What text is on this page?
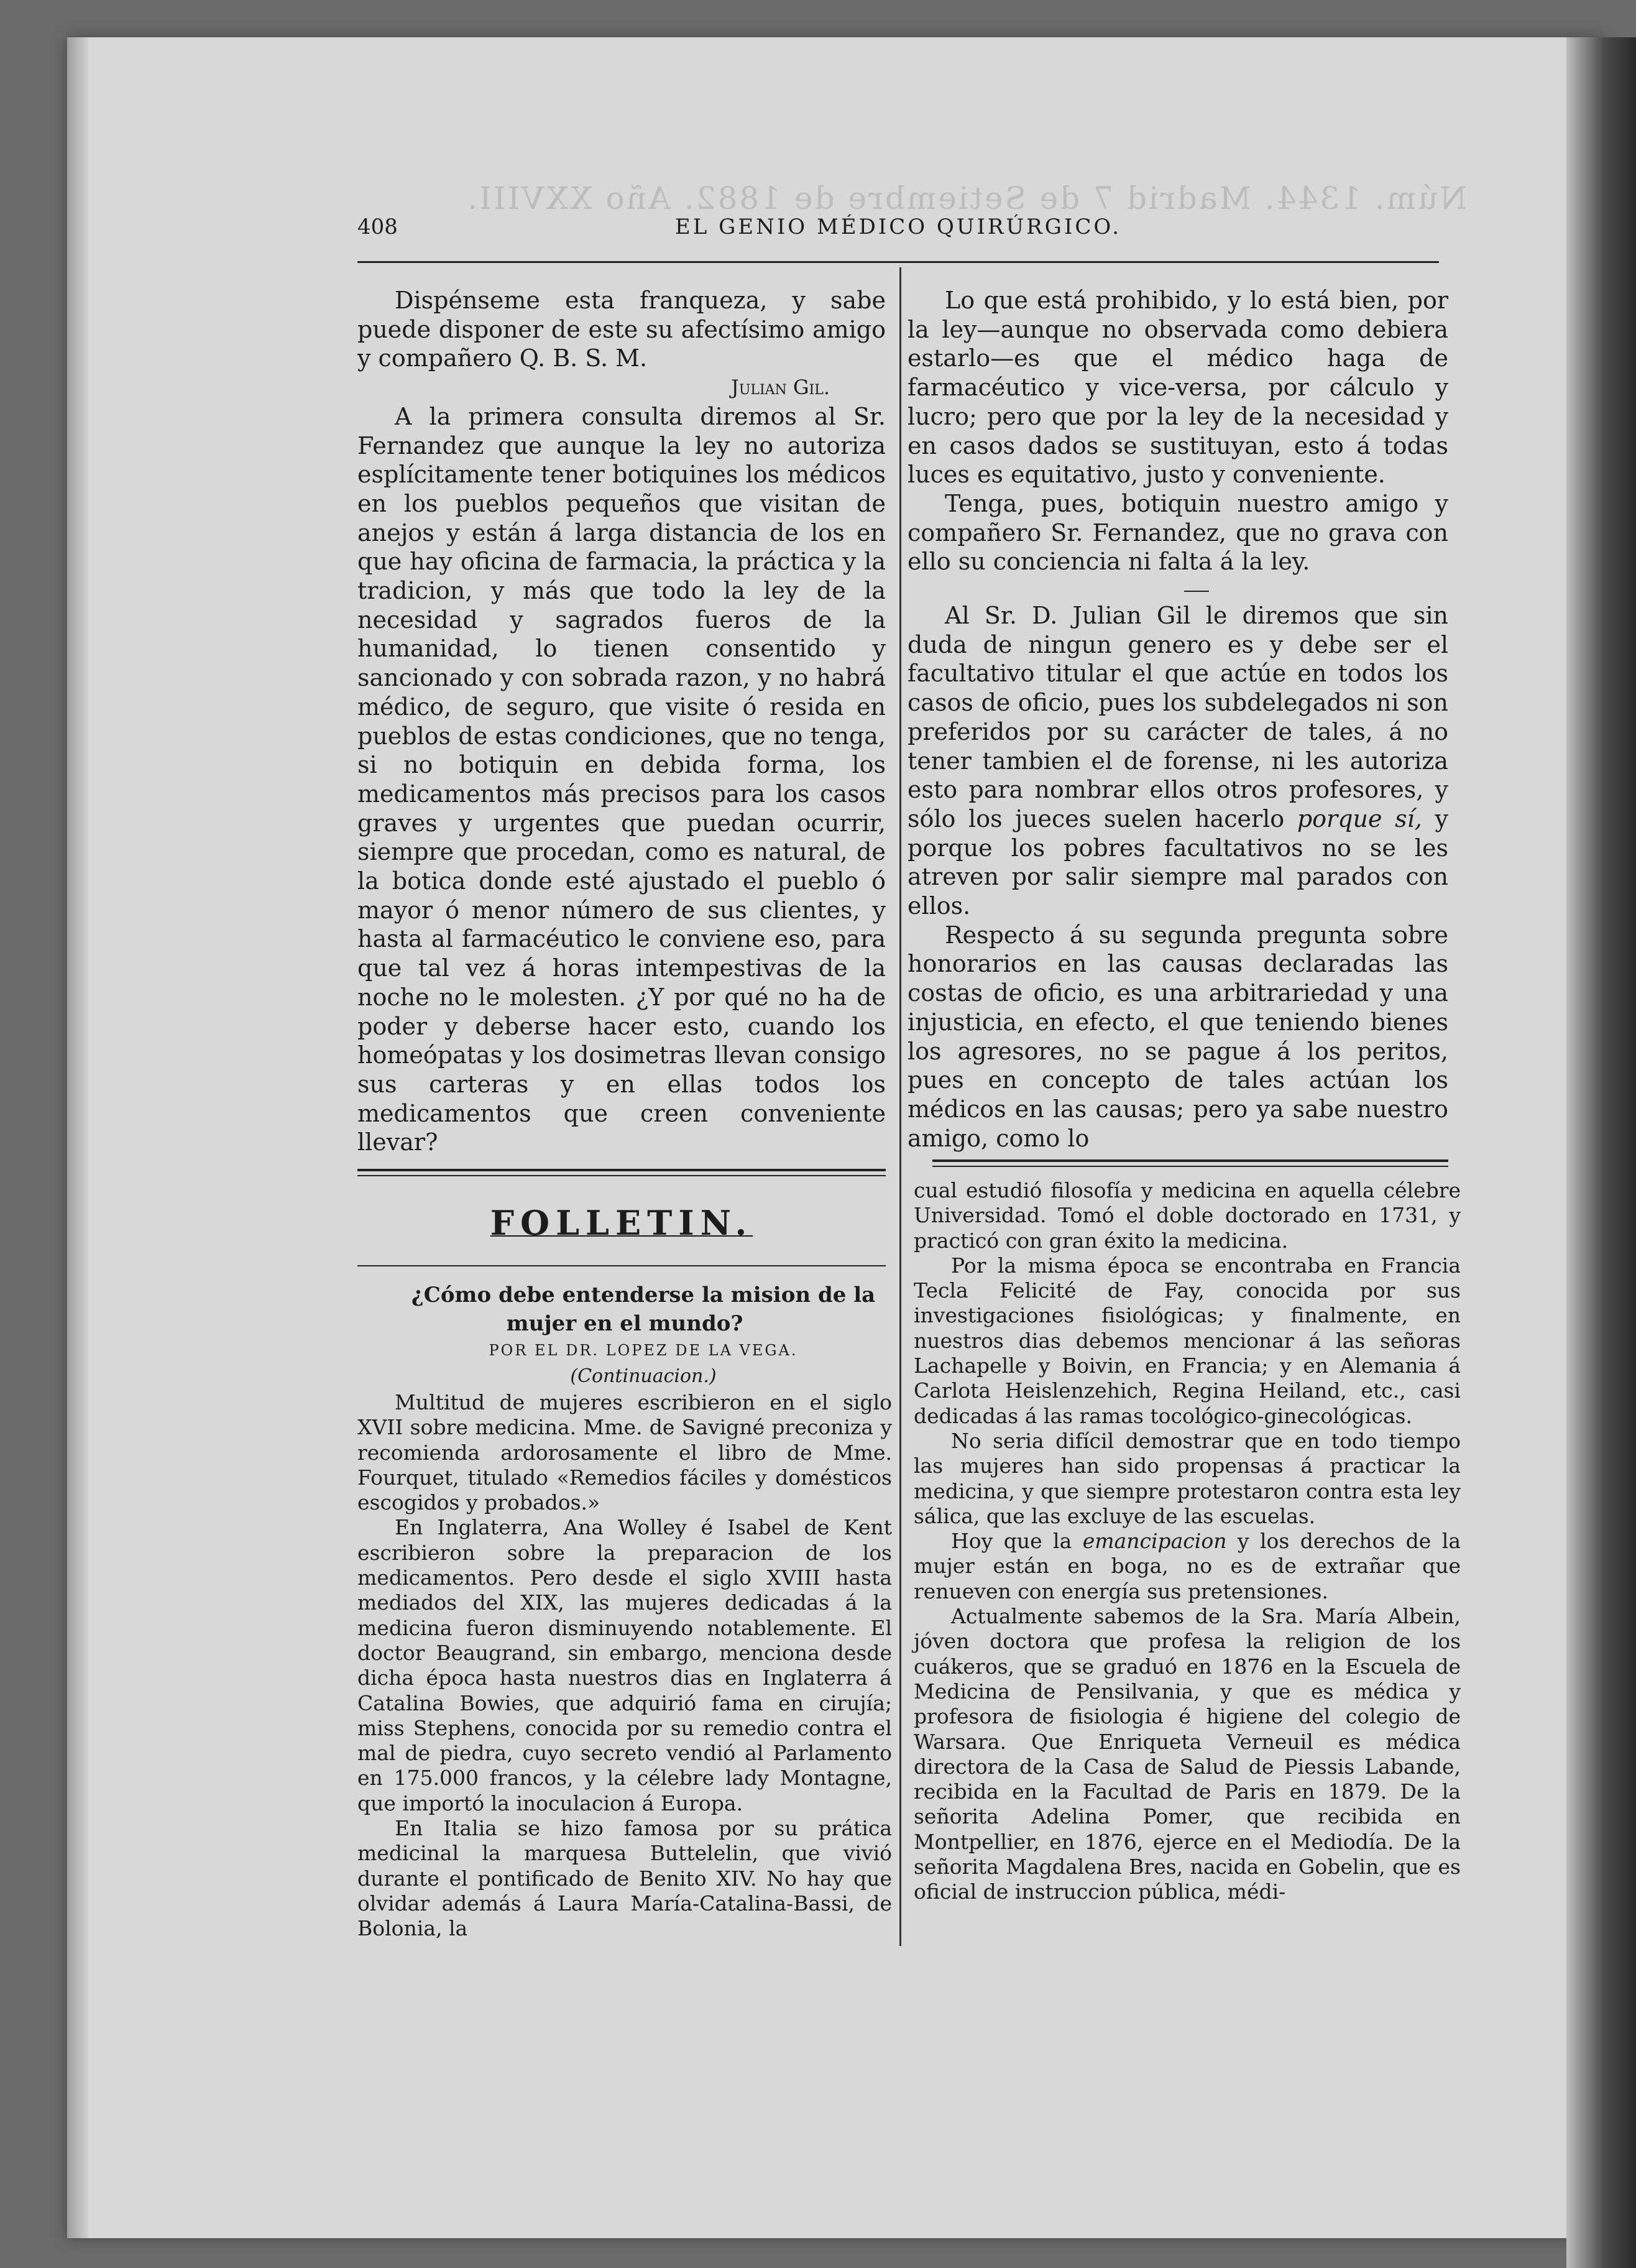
Núm. 1344. Madrid 7 de Setiembre de 1882. Año XXVIII.
408	EL GENIO MÉDICO QUIRÚRGICO.

Dispénseme esta franqueza, y sabe puede disponer de este su afectísimo amigo y compañero Q. B. S. M.

Julian Gil.

A la primera consulta diremos al Sr. Fernandez que aunque la ley no autoriza esplícitamente tener botiquines los médicos en los pueblos pequeños que visitan de anejos y están á larga distancia de los en que hay oficina de farmacia, la práctica y la tradicion, y más que todo la ley de la necesidad y sagrados fueros de la humanidad, lo tienen consentido y sancionado y con sobrada razon, y no habrá médico, de seguro, que visite ó resida en pueblos de estas condiciones, que no tenga, si no botiquin en debida forma, los medicamentos más precisos para los casos graves y urgentes que puedan ocurrir, siempre que procedan, como es natural, de la botica donde esté ajustado el pueblo ó mayor ó menor número de sus clientes, y hasta al farmacéutico le conviene eso, para que tal vez á horas intempestivas de la noche no le molesten. ¿Y por qué no ha de poder y deberse hacer esto, cuando los homeópatas y los dosimetras llevan consigo sus carteras y en ellas todos los medicamentos que creen conveniente llevar?

Lo que está prohibido, y lo está bien, por la ley—aunque no observada como debiera estarlo—es que el médico haga de farmacéutico y vice-versa, por cálculo y lucro; pero que por la ley de la necesidad y en casos dados se sustituyan, esto á todas luces es equitativo, justo y conveniente.

Tenga, pues, botiquin nuestro amigo y compañero Sr. Fernandez, que no grava con ello su conciencia ni falta á la ley.

Al Sr. D. Julian Gil le diremos que sin duda de ningun genero es y debe ser el facultativo titular el que actúe en todos los casos de oficio, pues los subdelegados ni son preferidos por su carácter de tales, á no tener tambien el de forense, ni les autoriza esto para nombrar ellos otros profesores, y sólo los jueces suelen hacerlo porque sí, y porque los pobres facultativos no se les atreven por salir siempre mal parados con ellos.

Respecto á su segunda pregunta sobre honorarios en las causas declaradas las costas de oficio, es una arbitrariedad y una injusticia, en efecto, el que teniendo bienes los agresores, no se pague á los peritos, pues en concepto de tales actúan los médicos en las causas; pero ya sabe nuestro amigo, como lo

FOLLETIN.

¿Cómo debe entenderse la mision de la mujer en el mundo?

POR EL DR. LOPEZ DE LA VEGA.

(Continuacion.)

Multitud de mujeres escribieron en el siglo XVII sobre medicina. Mme. de Savigné preconiza y recomienda ardorosamente el libro de Mme. Fourquet, titulado «Remedios fáciles y domésticos escogidos y probados.»

En Inglaterra, Ana Wolley é Isabel de Kent escribieron sobre la preparacion de los medicamentos. Pero desde el siglo XVIII hasta mediados del XIX, las mujeres dedicadas á la medicina fueron disminuyendo notablemente. El doctor Beaugrand, sin embargo, menciona desde dicha época hasta nuestros dias en Inglaterra á Catalina Bowies, que adquirió fama en cirujía; miss Stephens, conocida por su remedio contra el mal de piedra, cuyo secreto vendió al Parlamento en 175.000 francos, y la célebre lady Montagne, que importó la inoculacion á Europa.

En Italia se hizo famosa por su prática medicinal la marquesa Buttelelin, que vivió durante el pontificado de Benito XIV. No hay que olvidar además á Laura María-Catalina-Bassi, de Bolonia, la

cual estudió filosofía y medicina en aquella célebre Universidad. Tomó el doble doctorado en 1731, y practicó con gran éxito la medicina.

Por la misma época se encontraba en Francia Tecla Felicité de Fay, conocida por sus investigaciones fisiológicas; y finalmente, en nuestros dias debemos mencionar á las señoras Lachapelle y Boivin, en Francia; y en Alemania á Carlota Heislenzehich, Regina Heiland, etc., casi dedicadas á las ramas tocológico-ginecológicas.

No seria difícil demostrar que en todo tiempo las mujeres han sido propensas á practicar la medicina, y que siempre protestaron contra esta ley sálica, que las excluye de las escuelas.

Hoy que la emancipacion y los derechos de la mujer están en boga, no es de extrañar que renueven con energía sus pretensiones.

Actualmente sabemos de la Sra. María Albein, jóven doctora que profesa la religion de los cuákeros, que se graduó en 1876 en la Escuela de Medicina de Pensilvania, y que es médica y profesora de fisiologia é higiene del colegio de Warsara. Que Enriqueta Verneuil es médica directora de la Casa de Salud de Piessis Labande, recibida en la Facultad de Paris en 1879. De la señorita Adelina Pomer, que recibida en Montpellier, en 1876, ejerce en el Mediodía. De la señorita Magdalena Bres, nacida en Gobelin, que es oficial de instruccion pública, médi-
